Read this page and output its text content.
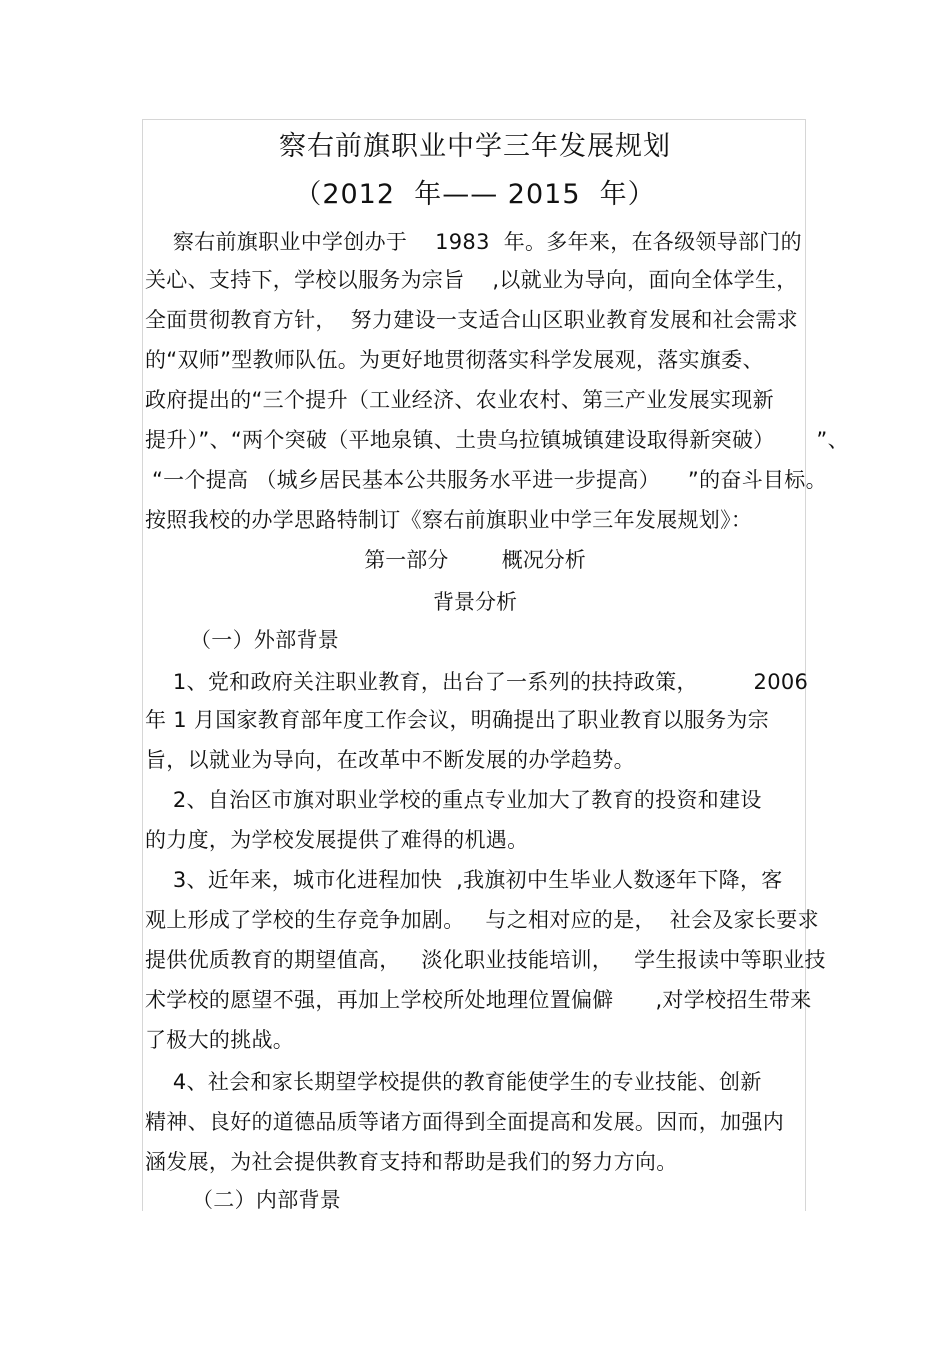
察右前旗职业中学三年发展规划
（2012  年—— 2015  年）
察右前旗职业中学创办于    1983  年。多年来，在各级领导部门的
关心、支持下，学校以服务为宗旨    ,以就业为导向，面向全体学生，
全面贯彻教育方针，  努力建设一支适合山区职业教育发展和社会需求
的“双师”型教师队伍。为更好地贯彻落实科学发展观，落实旗委、
政府提出的“三个提升（工业经济、农业农村、第三产业发展实现新
提升）”、“两个突破（平地泉镇、土贵乌拉镇城镇建设取得新突破）      ”、
“一个提高 （城乡居民基本公共服务水平进一步提高）    ”的奋斗目标。
按照我校的办学思路特制订《察右前旗职业中学三年发展规划》：
第一部分        概况分析
背景分析
（一）外部背景
1、党和政府关注职业教育，出台了一系列的扶持政策，        2006
年 1 月国家教育部年度工作会议，明确提出了职业教育以服务为宗
旨，以就业为导向，在改革中不断发展的办学趋势。
2、自治区市旗对职业学校的重点专业加大了教育的投资和建设
的力度，为学校发展提供了难得的机遇。
3、近年来，城市化进程加快  ,我旗初中生毕业人数逐年下降，客
观上形成了学校的生存竞争加剧。   与之相对应的是，  社会及家长要求
提供优质教育的期望值高，   淡化职业技能培训，   学生报读中等职业技
术学校的愿望不强，再加上学校所处地理位置偏僻      ,对学校招生带来
了极大的挑战。
4、社会和家长期望学校提供的教育能使学生的专业技能、创新
精神、良好的道德品质等诸方面得到全面提高和发展。因而，加强内
涵发展，为社会提供教育支持和帮助是我们的努力方向。
（二）内部背景
